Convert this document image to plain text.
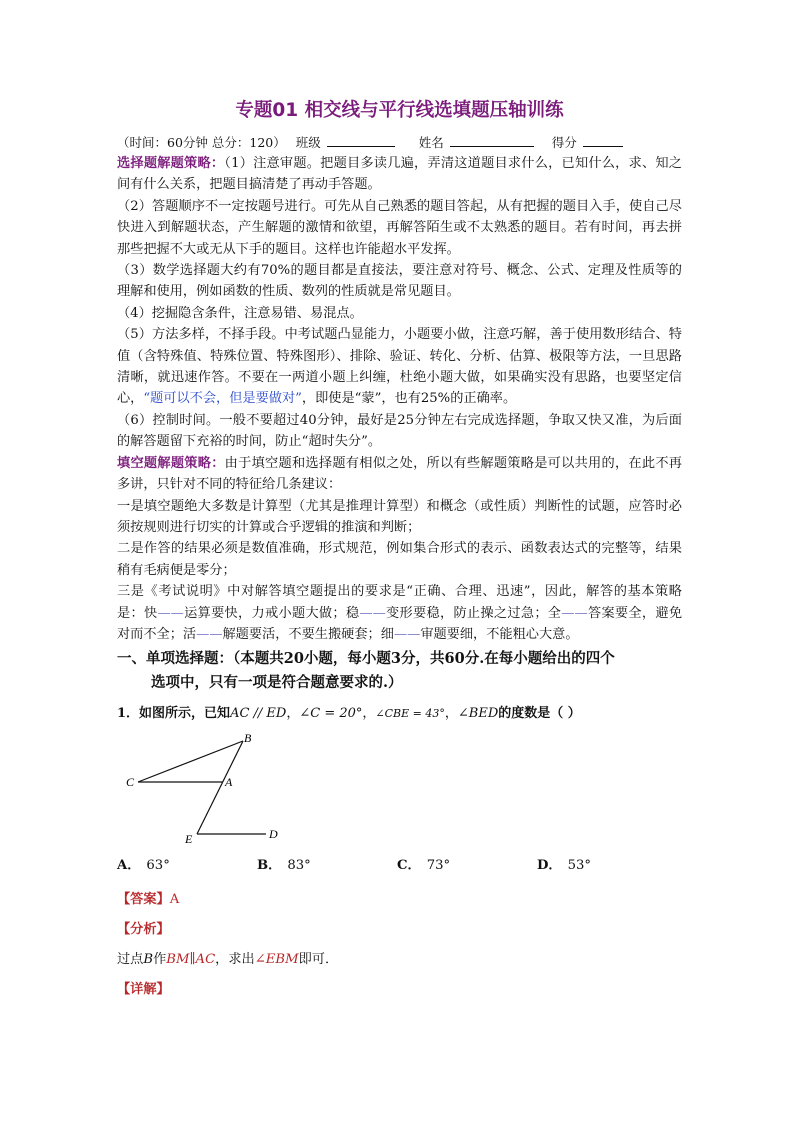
专题01 相交线与平行线选填题压轴训练
（时间：60分钟 总分：120） 班级	姓名	得分

选择题解题策略：（1）注意审题。把题目多读几遍，弄清这道题目求什么，已知什么，求、知之间有什么关系，把题目搞清楚了再动手答题。

（2）答题顺序不一定按题号进行。可先从自己熟悉的题目答起，从有把握的题目入手，使自己尽快进入到解题状态，产生解题的激情和欲望，再解答陌生或不太熟悉的题目。若有时间，再去拼那些把握不大或无从下手的题目。这样也许能超水平发挥。

（3）数学选择题大约有70%的题目都是直接法，要注意对符号、概念、公式、定理及性质等的理解和使用，例如函数的性质、数列的性质就是常见题目。

（4）挖掘隐含条件，注意易错、易混点。

（5）方法多样，不择手段。中考试题凸显能力，小题要小做，注意巧解，善于使用数形结合、特值（含特殊值、特殊位置、特殊图形）、排除、验证、转化、分析、估算、极限等方法，一旦思路清晰，就迅速作答。不要在一两道小题上纠缠，杜绝小题大做，如果确实没有思路，也要坚定信心，“题可以不会，但是要做对”，即使是“蒙”，也有25%的正确率。

（6）控制时间。一般不要超过40分钟，最好是25分钟左右完成选择题，争取又快又准，为后面的解答题留下充裕的时间，防止“超时失分”。

填空题解题策略：由于填空题和选择题有相似之处，所以有些解题策略是可以共用的，在此不再多讲，只针对不同的特征给几条建议：

一是填空题绝大多数是计算型（尤其是推理计算型）和概念（或性质）判断性的试题，应答时必须按规则进行切实的计算或合乎逻辑的推演和判断；

二是作答的结果必须是数值准确，形式规范，例如集合形式的表示、函数表达式的完整等，结果稍有毛病便是零分；

三是《考试说明》中对解答填空题提出的要求是“正确、合理、迅速”，因此，解答的基本策略是：快——运算要快，力戒小题大做；稳——变形要稳，防止操之过急；全——答案要全，避免对而不全；活——解题要活，不要生搬硬套；细——审题要细，不能粗心大意。

一、单项选择题：（本题共20小题，每小题3分，共60分.在每小题给出的四个
选项中，只有一项是符合题意要求的.）
1．如图所示，已知AC // ED，∠C = 20°，∠CBE = 43°，∠BED的度数是（ ）
B
C	A
E	D
A． 63°	B． 83°	C． 73°	D． 53°
【答案】A
【分析】
过点B作BM∥AC，求出∠EBM即可．
【详解】
